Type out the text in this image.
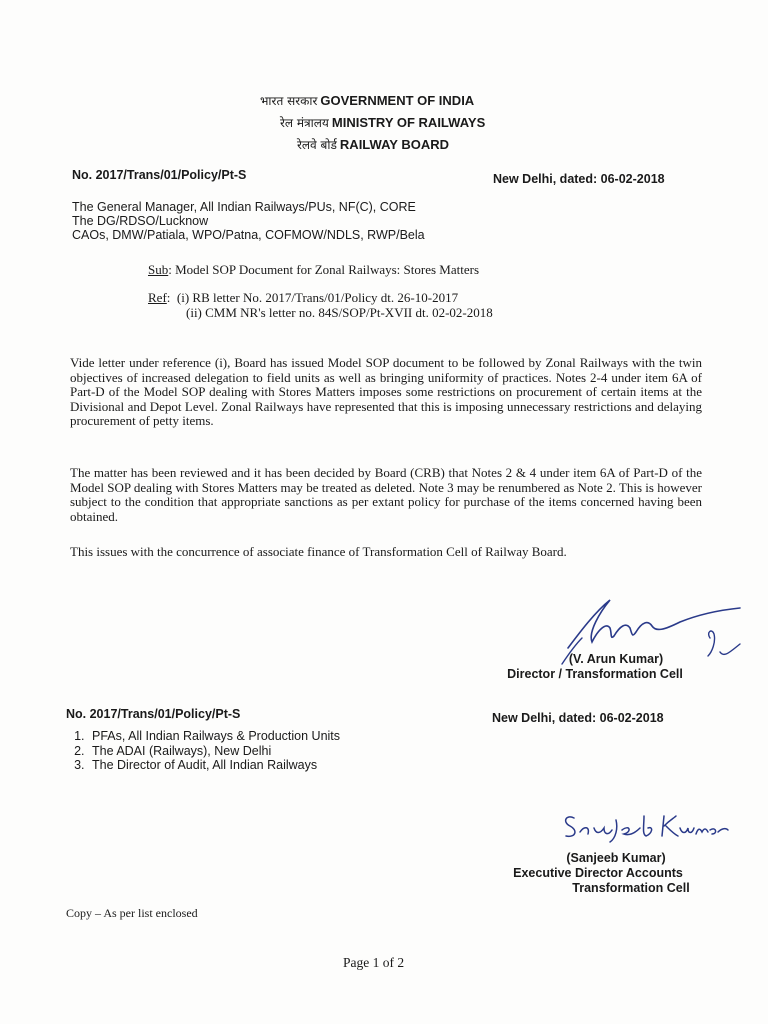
भारत सरकार GOVERNMENT OF INDIA
रेल मंत्रालय MINISTRY OF RAILWAYS
रेलवे बोर्ड RAILWAY BOARD
No. 2017/Trans/01/Policy/Pt-S	New Delhi, dated: 06-02-2018
The General Manager, All Indian Railways/PUs, NF(C), CORE
The DG/RDSO/Lucknow
CAOs, DMW/Patiala, WPO/Patna, COFMOW/NDLS, RWP/Bela
Sub: Model SOP Document for Zonal Railways: Stores Matters
Ref:  (i) RB letter No. 2017/Trans/01/Policy dt. 26-10-2017
(ii) CMM NR's letter no. 84S/SOP/Pt-XVII dt. 02-02-2018
Vide letter under reference (i), Board has issued Model SOP document to be followed by Zonal Railways with the twin objectives of increased delegation to field units as well as bringing uniformity of practices. Notes 2-4 under item 6A of Part-D of the Model SOP dealing with Stores Matters imposes some restrictions on procurement of certain items at the Divisional and Depot Level. Zonal Railways have represented that this is imposing unnecessary restrictions and delaying procurement of petty items.
The matter has been reviewed and it has been decided by Board (CRB) that Notes 2 & 4 under item 6A of Part-D of the Model SOP dealing with Stores Matters may be treated as deleted. Note 3 may be renumbered as Note 2. This is however subject to the condition that appropriate sanctions as per extant policy for purchase of the items concerned having been obtained.
This issues with the concurrence of associate finance of Transformation Cell of Railway Board.
(V. Arun Kumar)
Director / Transformation Cell
No. 2017/Trans/01/Policy/Pt-S	New Delhi, dated: 06-02-2018
1. PFAs, All Indian Railways & Production Units
2. The ADAI (Railways), New Delhi
3. The Director of Audit, All Indian Railways
(Sanjeeb Kumar)
Executive Director Accounts
Transformation Cell
Copy – As per list enclosed
Page 1 of 2
